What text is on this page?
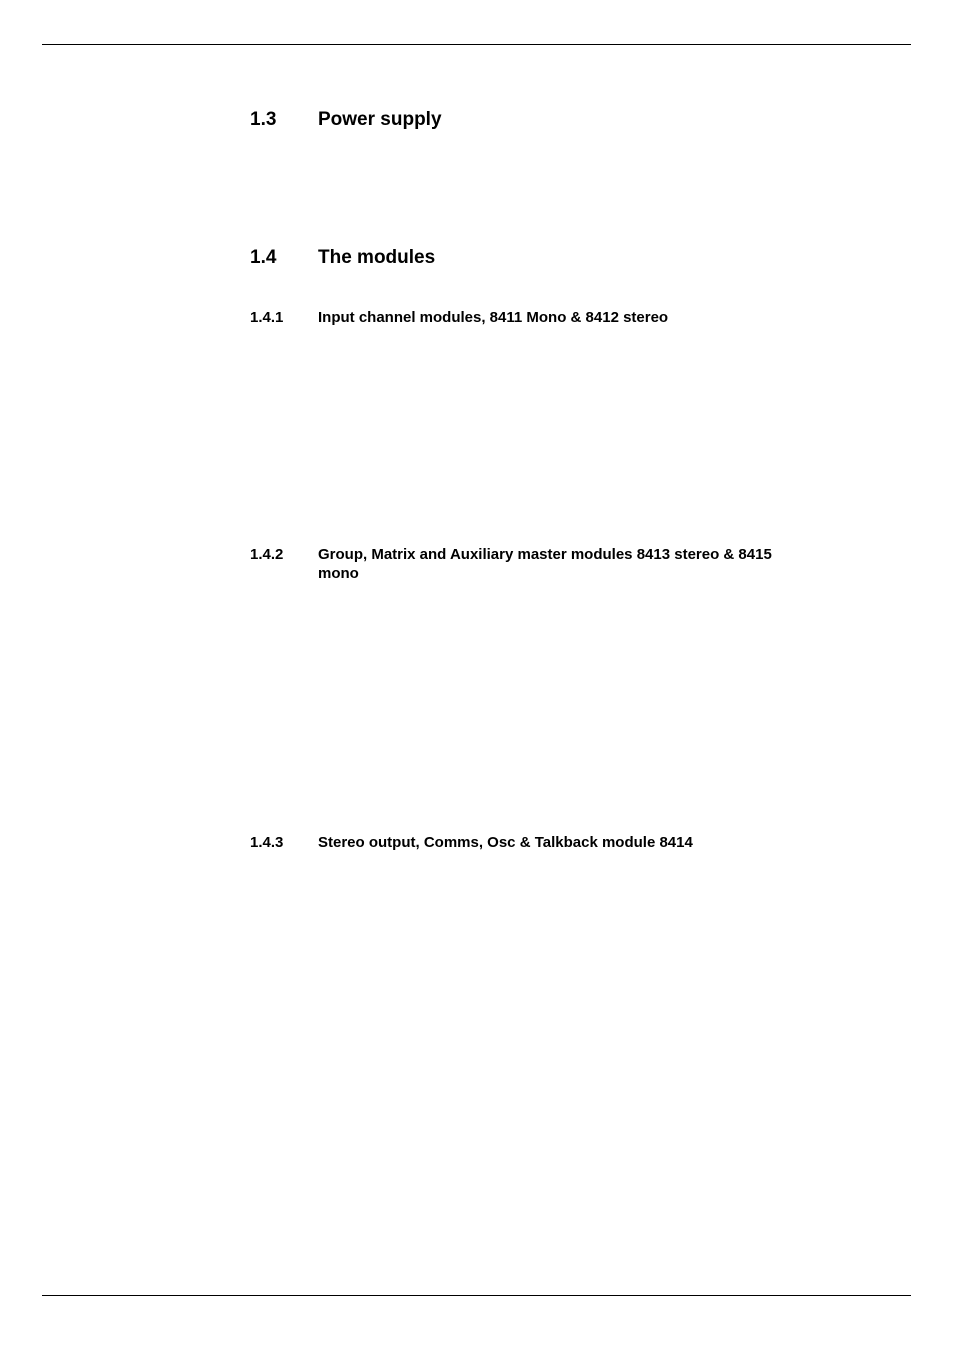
1.3 Power supply
1.4 The modules
1.4.1 Input channel modules, 8411 Mono & 8412 stereo
1.4.2 Group, Matrix and Auxiliary master modules 8413 stereo & 8415 mono
1.4.3 Stereo output, Comms, Osc & Talkback module 8414
